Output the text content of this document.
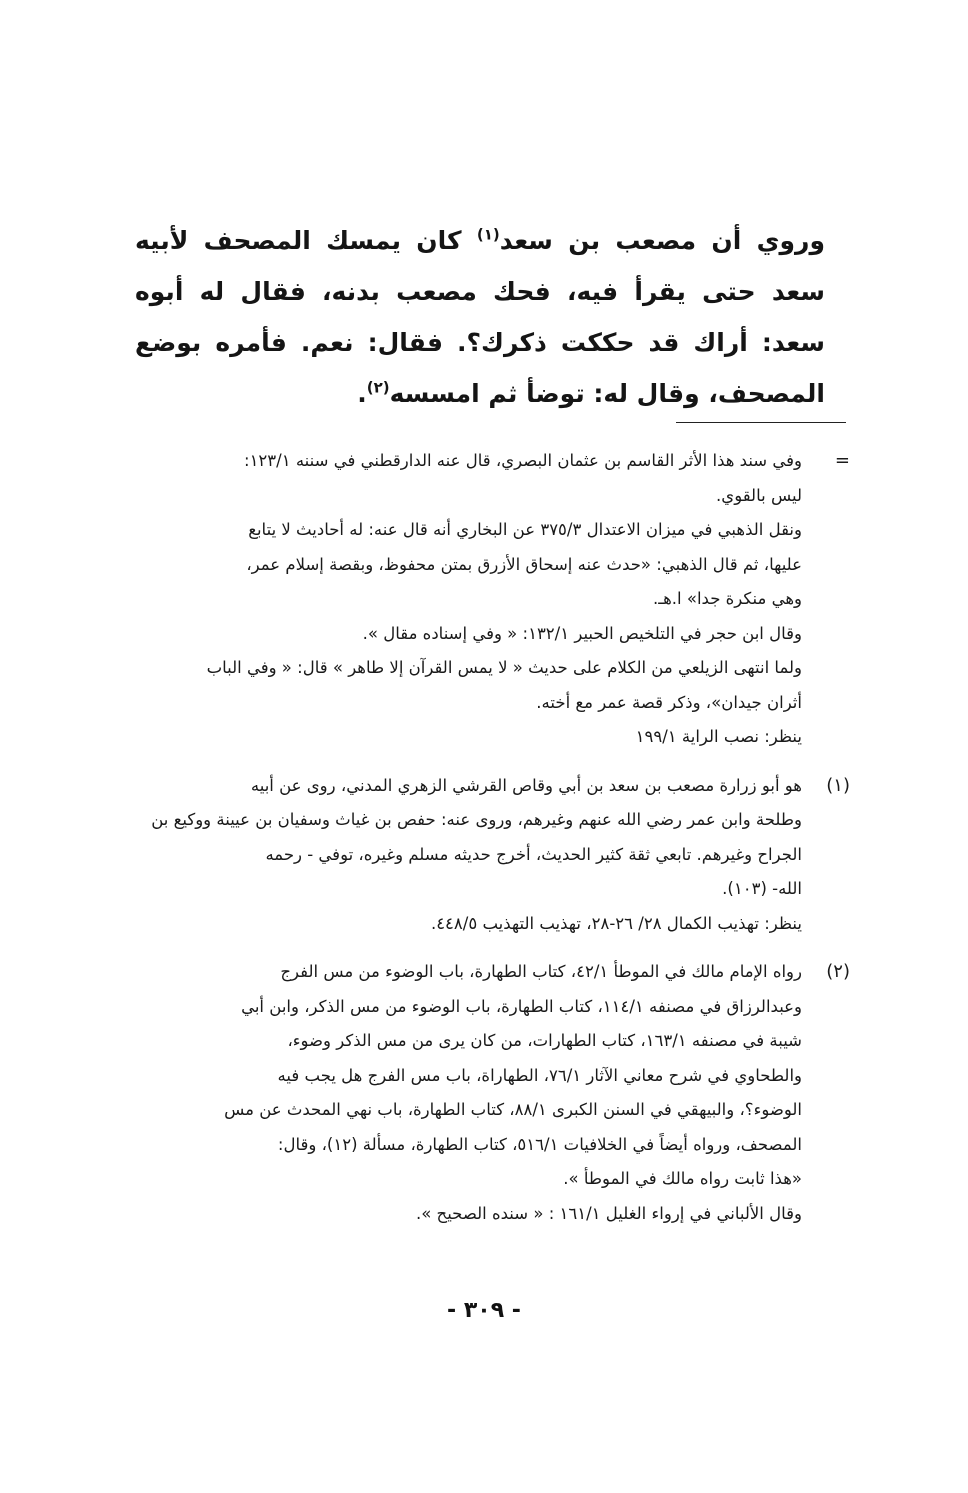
وروي أن مصعب بن سعد$^{(١)}$ كان يمسك المصحف لأبيه سعد حتى يقرأ فيه، فحك مصعب بدنه، فقال له أبوه سعد: أراك قد حككت ذكرك؟. فقال: نعم. فأمره بوضع المصحف، وقال له: توضأ ثم امسسه$^{(٢)}$.

=
وفي سند هذا الأثر القاسم بن عثمان البصري، قال عنه الدارقطني في سننه ١٢٣/١:
ليس بالقوي.
ونقل الذهبي في ميزان الاعتدال ٣٧٥/٣ عن البخاري أنه قال عنه: له أحاديث لا يتابع
عليها، ثم قال الذهبي: «حدث عنه إسحاق الأزرق بمتن محفوظ، وبقصة إسلام عمر،
وهي منكرة جدا» ا.هـ.
وقال ابن حجر في التلخيص الحبير ١٣٢/١: « وفي إسناده مقال ».
ولما انتهى الزيلعي من الكلام على حديث « لا يمس القرآن إلا طاهر » قال: « وفي الباب
أثران جيدان»، وذكر قصة عمر مع أخته.
ينظر: نصب الراية ١٩٩/١
(١)
هو أبو زرارة مصعب بن سعد بن أبي وقاص القرشي الزهري المدني، روى عن أبيه
وطلحة وابن عمر رضي الله عنهم وغيرهم، وروى عنه: حفص بن غياث وسفيان بن عيينة ووكيع بن
الجراح وغيرهم. تابعي ثقة كثير الحديث، أخرج حديثه مسلم وغيره، توفي - رحمه
الله- (١٠٣).
ينظر: تهذيب الكمال ٢٨/ ٢٦-٢٨، تهذيب التهذيب ٤٤٨/٥.
(٢)
رواه الإمام مالك في الموطأ ٤٢/١، كتاب الطهارة، باب الوضوء من مس الفرج
وعبدالرزاق في مصنفه ١١٤/١، كتاب الطهارة، باب الوضوء من مس الذكر، وابن أبي
شيبة في مصنفه ١٦٣/١، كتاب الطهارات، من كان يرى من مس الذكر وضوء،
والطحاوي في شرح معاني الآثار ٧٦/١، الطهاراة، باب مس الفرج هل يجب فيه
الوضوء؟، والبيهقي في السنن الكبرى ٨٨/١، كتاب الطهارة، باب نهي المحدث عن مس
المصحف، ورواه أيضاً في الخلافيات ٥١٦/١، كتاب الطهارة، مسألة (١٢)، وقال:
«هذا ثابت رواه مالك في الموطأ ».
وقال الألباني في إرواء الغليل ١٦١/١ : « سنده الصحيح ».
- ٣٠٩ -
